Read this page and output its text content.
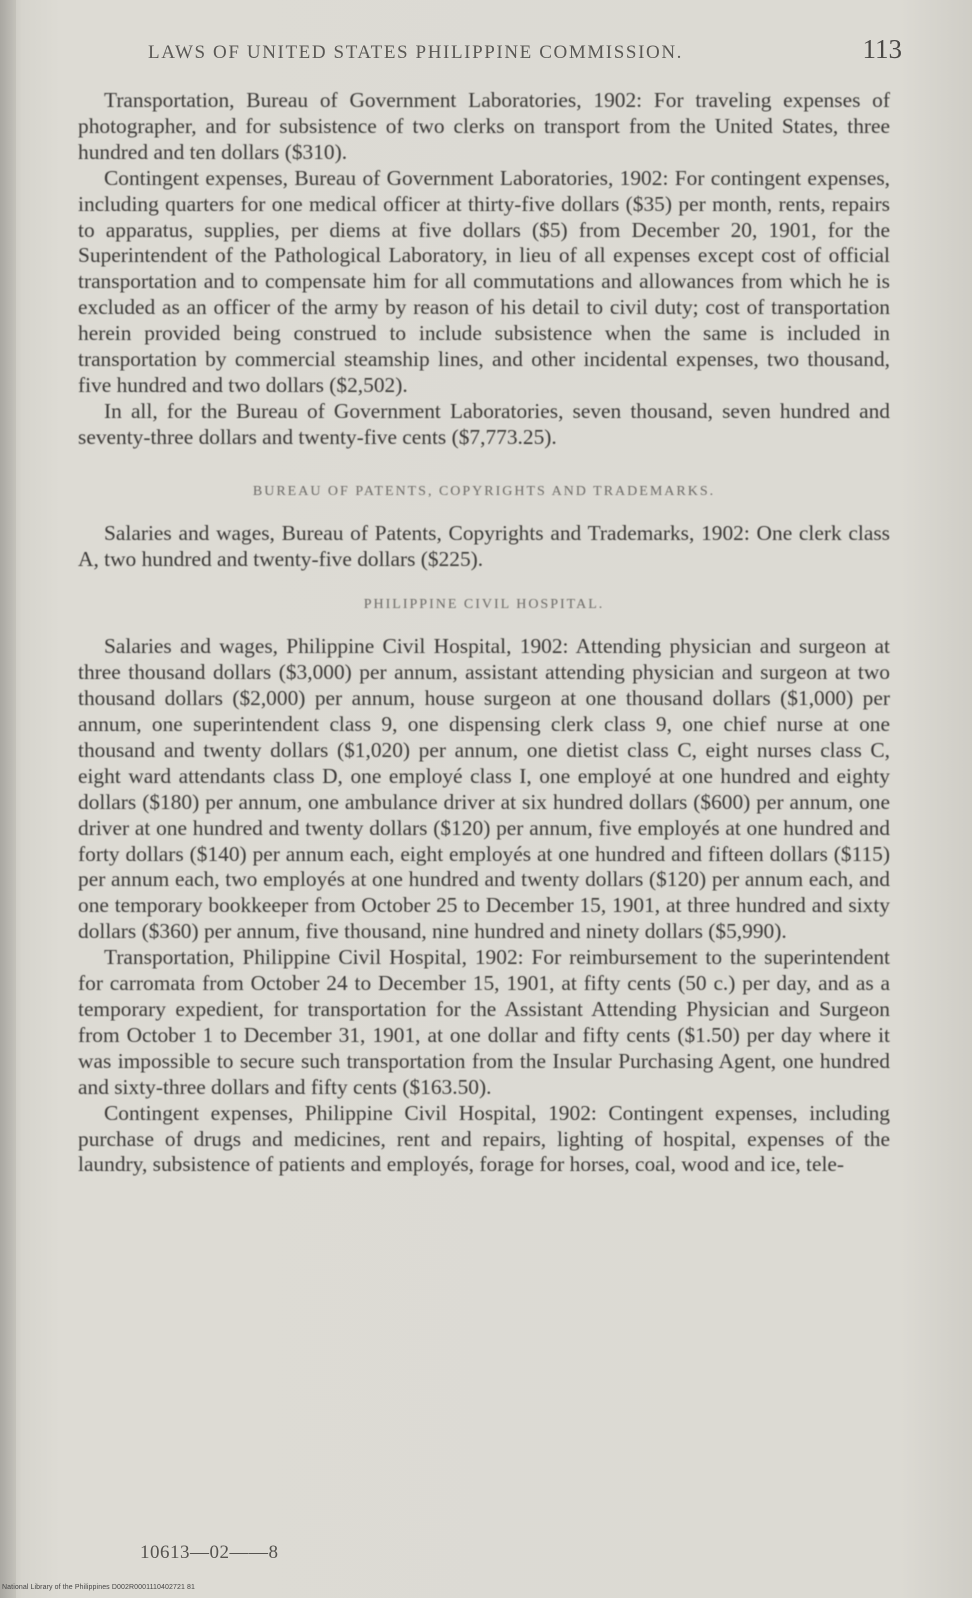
LAWS OF UNITED STATES PHILIPPINE COMMISSION.	113

Transportation, Bureau of Government Laboratories, 1902: For traveling expenses of photographer, and for subsistence of two clerks on transport from the United States, three hundred and ten dollars ($310).

Contingent expenses, Bureau of Government Laboratories, 1902: For contingent expenses, including quarters for one medical officer at thirty-five dollars ($35) per month, rents, repairs to apparatus, supplies, per diems at five dollars ($5) from December 20, 1901, for the Superintendent of the Pathological Laboratory, in lieu of all expenses except cost of official transportation and to compensate him for all commutations and allowances from which he is excluded as an officer of the army by reason of his detail to civil duty; cost of transportation herein provided being construed to include subsistence when the same is included in transportation by commercial steamship lines, and other incidental expenses, two thousand, five hundred and two dollars ($2,502).

In all, for the Bureau of Government Laboratories, seven thousand, seven hundred and seventy-three dollars and twenty-five cents ($7,773.25).

BUREAU OF PATENTS, COPYRIGHTS AND TRADEMARKS.

Salaries and wages, Bureau of Patents, Copyrights and Trademarks, 1902: One clerk class A, two hundred and twenty-five dollars ($225).

PHILIPPINE CIVIL HOSPITAL.

Salaries and wages, Philippine Civil Hospital, 1902: Attending physician and surgeon at three thousand dollars ($3,000) per annum, assistant attending physician and surgeon at two thousand dollars ($2,000) per annum, house surgeon at one thousand dollars ($1,000) per annum, one superintendent class 9, one dispensing clerk class 9, one chief nurse at one thousand and twenty dollars ($1,020) per annum, one dietist class C, eight nurses class C, eight ward attendants class D, one employé class I, one employé at one hundred and eighty dollars ($180) per annum, one ambulance driver at six hundred dollars ($600) per annum, one driver at one hundred and twenty dollars ($120) per annum, five employés at one hundred and forty dollars ($140) per annum each, eight employés at one hundred and fifteen dollars ($115) per annum each, two employés at one hundred and twenty dollars ($120) per annum each, and one temporary bookkeeper from October 25 to December 15, 1901, at three hundred and sixty dollars ($360) per annum, five thousand, nine hundred and ninety dollars ($5,990).

Transportation, Philippine Civil Hospital, 1902: For reimbursement to the superintendent for carromata from October 24 to December 15, 1901, at fifty cents (50 c.) per day, and as a temporary expedient, for transportation for the Assistant Attending Physician and Surgeon from October 1 to December 31, 1901, at one dollar and fifty cents ($1.50) per day where it was impossible to secure such transportation from the Insular Purchasing Agent, one hundred and sixty-three dollars and fifty cents ($163.50).

Contingent expenses, Philippine Civil Hospital, 1902: Contingent expenses, including purchase of drugs and medicines, rent and repairs, lighting of hospital, expenses of the laundry, subsistence of patients and employés, forage for horses, coal, wood and ice, tele-

10613—02——8
National Library of the Philippines D002R0001110402721 81
